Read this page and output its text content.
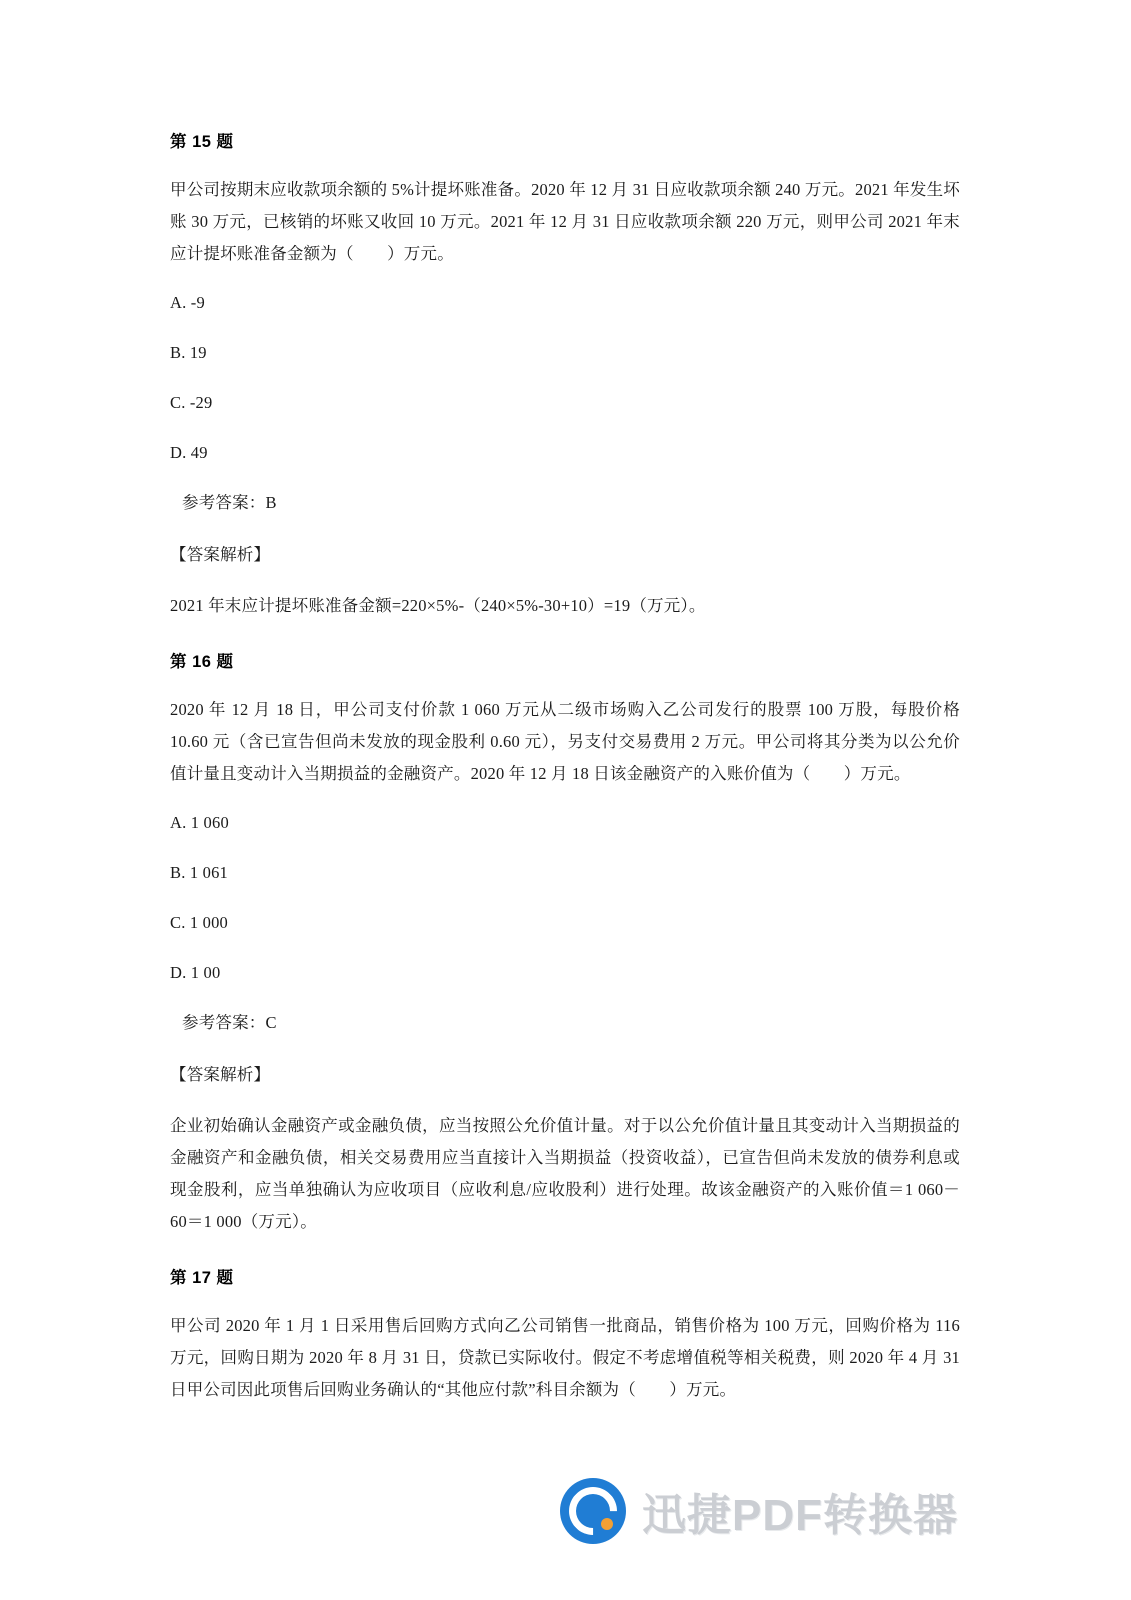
第 15 题

甲公司按期末应收款项余额的 5%计提坏账准备。2020 年 12 月 31 日应收款项余额 240 万元。2021 年发生坏账 30 万元，已核销的坏账又收回 10 万元。2021 年 12 月 31 日应收款项余额 220 万元，则甲公司 2021 年末应计提坏账准备金额为（　　）万元。

A. -9

B. 19

C. -29

D. 49

参考答案：B

【答案解析】

2021 年末应计提坏账准备金额=220×5%-（240×5%-30+10）=19（万元）。

第 16 题

2020 年 12 月 18 日，甲公司支付价款 1 060 万元从二级市场购入乙公司发行的股票 100 万股，每股价格 10.60 元（含已宣告但尚未发放的现金股利 0.60 元），另支付交易费用 2 万元。甲公司将其分类为以公允价值计量且变动计入当期损益的金融资产。2020 年 12 月 18 日该金融资产的入账价值为（　　）万元。

A. 1 060

B. 1 061

C. 1 000

D. 1 00

参考答案：C

【答案解析】

企业初始确认金融资产或金融负债，应当按照公允价值计量。对于以公允价值计量且其变动计入当期损益的金融资产和金融负债，相关交易费用应当直接计入当期损益（投资收益），已宣告但尚未发放的债券利息或现金股利，应当单独确认为应收项目（应收利息/应收股利）进行处理。故该金融资产的入账价值＝1 060－60＝1 000（万元）。

第 17 题

甲公司 2020 年 1 月 1 日采用售后回购方式向乙公司销售一批商品，销售价格为 100 万元，回购价格为 116 万元，回购日期为 2020 年 8 月 31 日，贷款已实际收付。假定不考虑增值税等相关税费，则 2020 年 4 月 31 日甲公司因此项售后回购业务确认的“其他应付款”科目余额为（　　）万元。

迅捷PDF转换器
